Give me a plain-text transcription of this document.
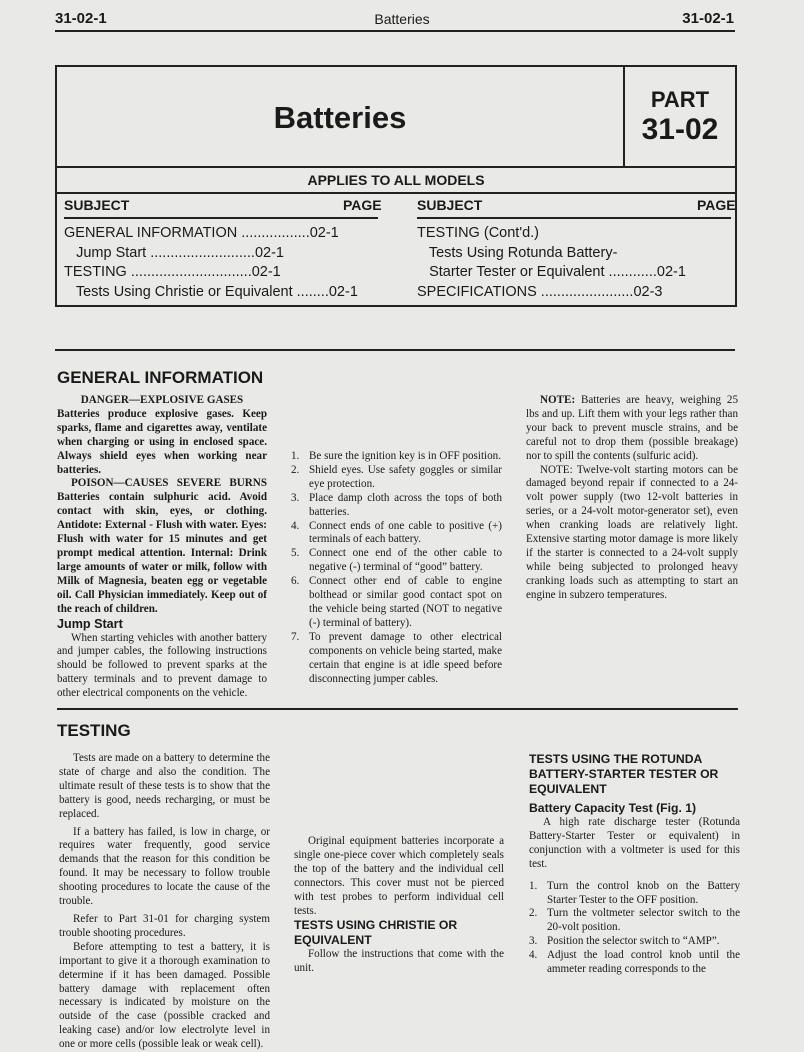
31-02-1	Batteries	31-02-1
Batteries
PART
31-02
APPLIES TO ALL MODELS
SUBJECT	PAGE	SUBJECT	PAGE
GENERAL INFORMATION .................02-1
Jump Start ..........................02-1
TESTING ..............................02-1
Tests Using Christie or Equivalent ........02-1
TESTING (Cont'd.)
Tests Using Rotunda Battery-
Starter Tester or Equivalent ............02-1
SPECIFICATIONS .......................02-3
GENERAL INFORMATION

DANGER—EXPLOSIVE GASES

Batteries produce explosive gases. Keep sparks, flame and cigarettes away, ventilate when charging or using in enclosed space. Always shield eyes when working near batteries.

POISON—CAUSES SEVERE BURNS Batteries contain sulphuric acid. Avoid contact with skin, eyes, or clothing. Antidote: External - Flush with water. Eyes: Flush with water for 15 minutes and get prompt medical attention. Internal: Drink large amounts of water or milk, follow with Milk of Magnesia, beaten egg or vegetable oil. Call Physician immediately. Keep out of the reach of children.

Jump Start

When starting vehicles with another battery and jumper cables, the following instructions should be followed to prevent sparks at the battery terminals and to prevent damage to other electrical components on the vehicle.

1. Be sure the ignition key is in OFF position.
2. Shield eyes. Use safety goggles or similar eye protection.
3. Place damp cloth across the tops of both batteries.
4. Connect ends of one cable to positive (+) terminals of each battery.
5. Connect one end of the other cable to negative (-) terminal of “good” battery.
6. Connect other end of cable to engine bolthead or similar good contact spot on the vehicle being started (NOT to negative (-) terminal of battery).
7. To prevent damage to other electrical components on vehicle being started, make certain that engine is at idle speed before disconnecting jumper cables.

NOTE: Batteries are heavy, weighing 25 lbs and up. Lift them with your legs rather than your back to prevent muscle strains, and be careful not to drop them (possible breakage) nor to spill the contents (sulfuric acid).

NOTE: Twelve-volt starting motors can be damaged beyond repair if connected to a 24-volt power supply (two 12-volt batteries in series, or a 24-volt motor-generator set), even when cranking loads are relatively light. Extensive starting motor damage is more likely if the starter is connected to a 24-volt supply while being subjected to prolonged heavy cranking loads such as attempting to start an engine in subzero temperatures.

TESTING

Tests are made on a battery to determine the state of charge and also the condition. The ultimate result of these tests is to show that the battery is good, needs recharging, or must be replaced.

If a battery has failed, is low in charge, or requires water frequently, good service demands that the reason for this condition be found. It may be necessary to follow trouble shooting procedures to locate the cause of the trouble.

Refer to Part 31-01 for charging system trouble shooting procedures.

Before attempting to test a battery, it is important to give it a thorough examination to determine if it has been damaged. Possible battery damage with replacement often necessary is indicated by moisture on the outside of the case (possible cracked and leaking case) and/or low electrolyte level in one or more cells (possible leak or weak cell).

Original equipment batteries incorporate a single one-piece cover which completely seals the top of the battery and the individual cell connectors. This cover must not be pierced with test probes to perform individual cell tests.

TESTS USING CHRISTIE OR EQUIVALENT

Follow the instructions that come with the unit.

TESTS USING THE ROTUNDA BATTERY-STARTER TESTER OR EQUIVALENT

Battery Capacity Test (Fig. 1)

A high rate discharge tester (Rotunda Battery-Starter Tester or equivalent) in conjunction with a voltmeter is used for this test.

1. Turn the control knob on the Battery Starter Tester to the OFF position.
2. Turn the voltmeter selector switch to the 20-volt position.
3. Position the selector switch to “AMP”.
4. Adjust the load control knob until the ammeter reading corresponds to the
